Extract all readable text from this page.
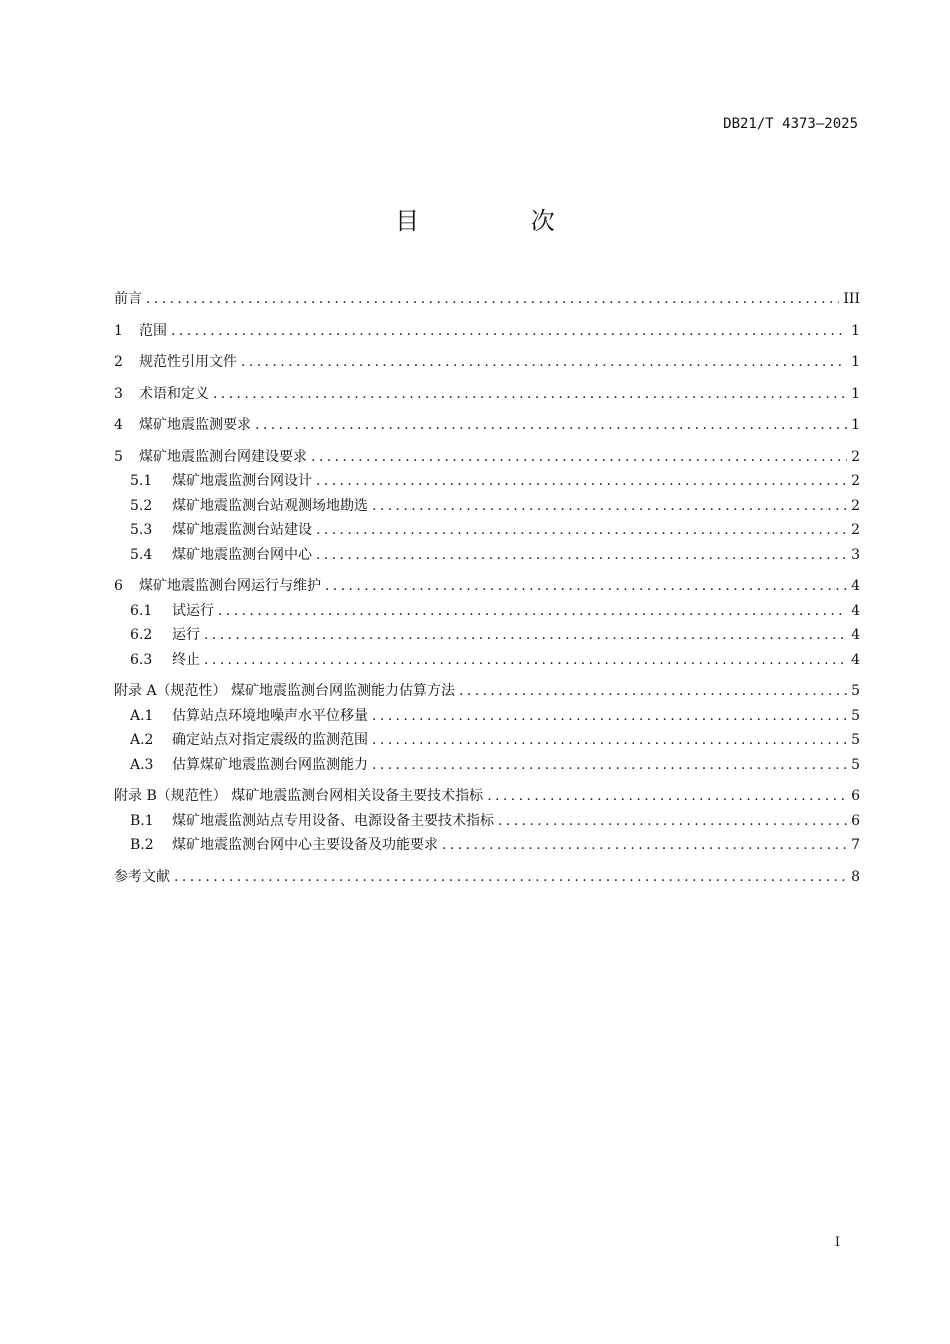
DB21/T 4373—2025
目 次
前言 .....	III
1	范围 .....	1
2	规范性引用文件 .....	1
3	术语和定义 .....	1
4	煤矿地震监测要求 .....	1
5	煤矿地震监测台网建设要求 .....	2
5.1	煤矿地震监测台网设计 .....	2
5.2	煤矿地震监测台站观测场地勘选 .....	2
5.3	煤矿地震监测台站建设 .....	2
5.4	煤矿地震监测台网中心 .....	3
6	煤矿地震监测台网运行与维护 .....	4
6.1	试运行 .....	4
6.2	运行 .....	4
6.3	终止 .....	4
附录 A（规范性） 煤矿地震监测台网监测能力估算方法 .....	5
A.1	估算站点环境地噪声水平位移量 .....	5
A.2	确定站点对指定震级的监测范围 .....	5
A.3	估算煤矿地震监测台网监测能力 .....	5
附录 B（规范性） 煤矿地震监测台网相关设备主要技术指标 .....	6
B.1	煤矿地震监测站点专用设备、电源设备主要技术指标 .....	6
B.2	煤矿地震监测台网中心主要设备及功能要求 .....	7
参考文献 .....	8
I
